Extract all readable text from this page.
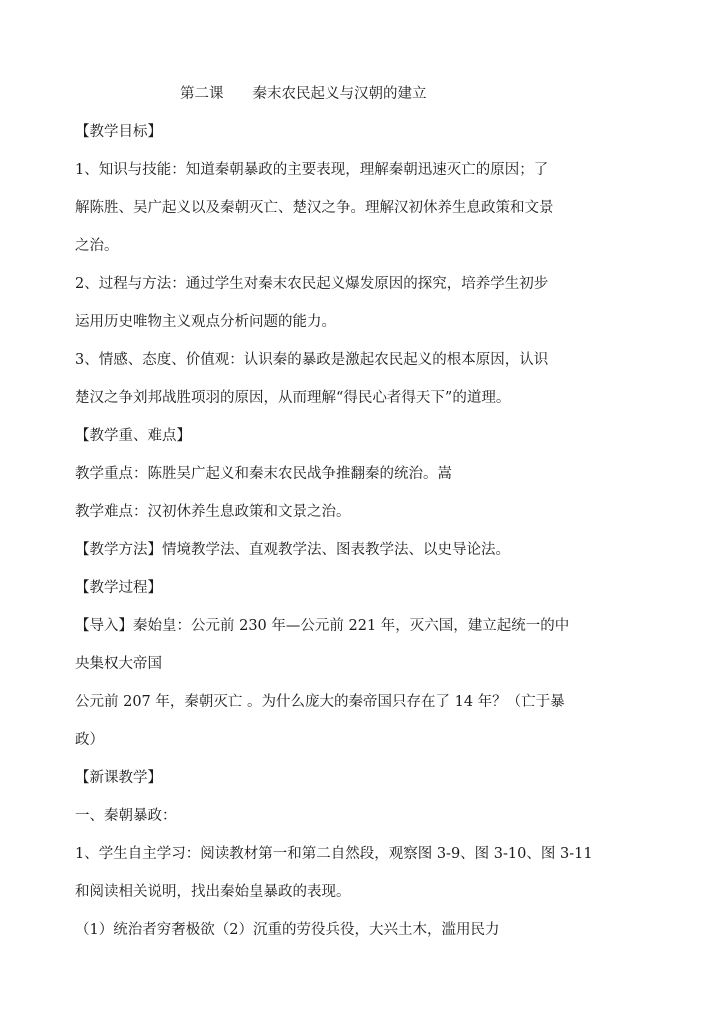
第二课　　秦末农民起义与汉朝的建立
【教学目标】
1、知识与技能：知道秦朝暴政的主要表现，理解秦朝迅速灭亡的原因；了
解陈胜、吴广起义以及秦朝灭亡、楚汉之争。理解汉初休养生息政策和文景
之治。
2、过程与方法：通过学生对秦末农民起义爆发原因的探究，培养学生初步
运用历史唯物主义观点分析问题的能力。
3、情感、态度、价值观：认识秦的暴政是激起农民起义的根本原因，认识
楚汉之争刘邦战胜项羽的原因，从而理解“得民心者得天下”的道理。
【教学重、难点】
教学重点：陈胜吴广起义和秦末农民战争推翻秦的统治。嵩
教学难点：汉初休养生息政策和文景之治。
【教学方法】情境教学法、直观教学法、图表教学法、以史导论法。
【教学过程】
【导入】秦始皇：公元前 230 年—公元前 221 年，灭六国，建立起统一的中
央集权大帝国
公元前 207 年，秦朝灭亡 。为什么庞大的秦帝国只存在了 14 年？（亡于暴
政）
【新课教学】
一、秦朝暴政：
1、学生自主学习：阅读教材第一和第二自然段，观察图 3-9、图 3-10、图 3-11
和阅读相关说明，找出秦始皇暴政的表现。
（1）统治者穷奢极欲（2）沉重的劳役兵役，大兴土木，滥用民力
